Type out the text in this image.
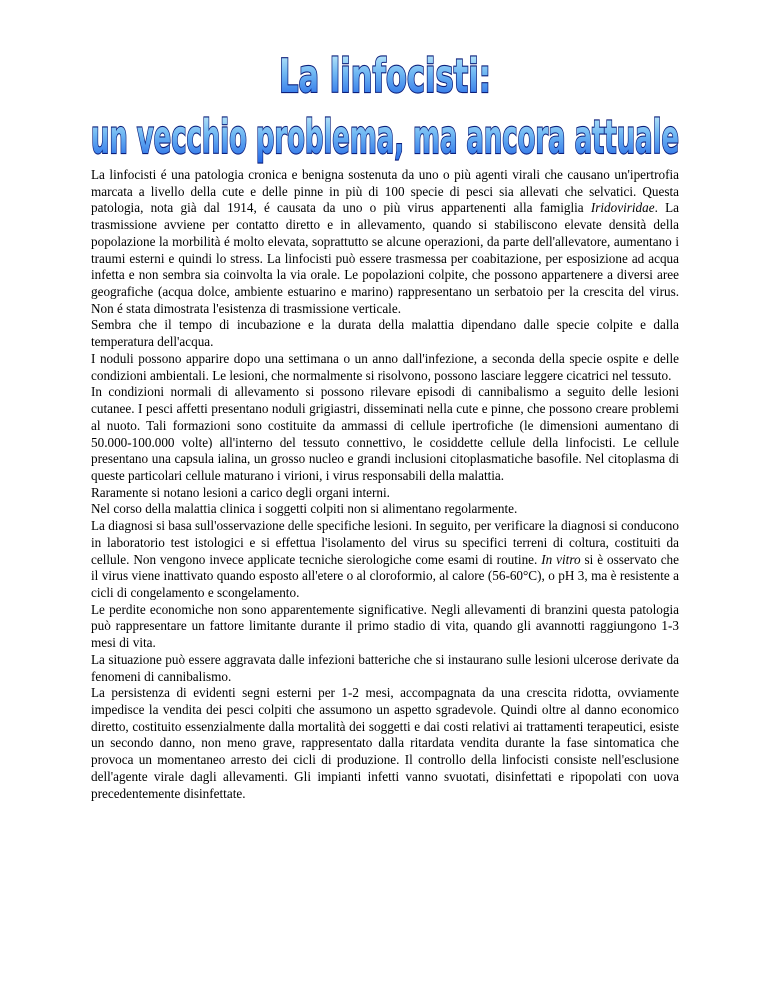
La linfocisti:
un vecchio problema, ma ancora attuale

La linfocisti é una patologia cronica e benigna sostenuta da uno o più agenti virali che causano un'ipertrofia marcata a livello della cute e delle pinne in più di 100 specie di pesci sia allevati che selvatici. Questa patologia, nota già dal 1914, é causata da uno o più virus appartenenti alla famiglia Iridoviridae. La trasmissione avviene per contatto diretto e in allevamento, quando si stabiliscono elevate densità della popolazione la morbilità é molto elevata, soprattutto se alcune operazioni, da parte dell'allevatore, aumentano i traumi esterni e quindi lo stress. La linfocisti può essere trasmessa per coabitazione, per esposizione ad acqua infetta e non sembra sia coinvolta la via orale. Le popolazioni colpite, che possono appartenere a diversi aree geografiche (acqua dolce, ambiente estuarino e marino) rappresentano un serbatoio per la crescita del virus. Non é stata dimostrata l'esistenza di trasmissione verticale.

Sembra che il tempo di incubazione e la durata della malattia dipendano dalle specie colpite e dalla temperatura dell'acqua.

I noduli possono apparire dopo una settimana o un anno dall'infezione, a seconda della specie ospite e delle condizioni ambientali. Le lesioni, che normalmente si risolvono, possono lasciare leggere cicatrici nel tessuto.

In condizioni normali di allevamento si possono rilevare episodi di cannibalismo a seguito delle lesioni cutanee. I pesci affetti presentano noduli grigiastri, disseminati nella cute e pinne, che possono creare problemi al nuoto. Tali formazioni sono costituite da ammassi di cellule ipertrofiche (le dimensioni aumentano di 50.000-100.000 volte) all'interno del tessuto connettivo, le cosiddette cellule della linfocisti. Le cellule presentano una capsula ialina, un grosso nucleo e grandi inclusioni citoplasmatiche basofile. Nel citoplasma di queste particolari cellule maturano i virioni, i virus responsabili della malattia.

Raramente si notano lesioni a carico degli organi interni.

Nel corso della malattia clinica i soggetti colpiti non si alimentano regolarmente.

La diagnosi si basa sull'osservazione delle specifiche lesioni. In seguito, per verificare la diagnosi si conducono in laboratorio test istologici e si effettua l'isolamento del virus su specifici terreni di coltura, costituiti da cellule. Non vengono invece applicate tecniche sierologiche come esami di routine. In vitro si è osservato che il virus viene inattivato quando esposto all'etere o al cloroformio, al calore (56-60°C), o pH 3, ma è resistente a cicli di congelamento e scongelamento.

Le perdite economiche non sono apparentemente significative. Negli allevamenti di branzini questa patologia può rappresentare un fattore limitante durante il primo stadio di vita, quando gli avannotti raggiungono 1-3 mesi di vita.

La situazione può essere aggravata dalle infezioni batteriche che si instaurano sulle lesioni ulcerose derivate da fenomeni di cannibalismo.

La persistenza di evidenti segni esterni per 1-2 mesi, accompagnata da una crescita ridotta, ovviamente impedisce la vendita dei pesci colpiti che assumono un aspetto sgradevole. Quindi oltre al danno economico diretto, costituito essenzialmente dalla mortalità dei soggetti e dai costi relativi ai trattamenti terapeutici, esiste un secondo danno, non meno grave, rappresentato dalla ritardata vendita durante la fase sintomatica che provoca un momentaneo arresto dei cicli di produzione. Il controllo della linfocisti consiste nell'esclusione dell'agente virale dagli allevamenti. Gli impianti infetti vanno svuotati, disinfettati e ripopolati con uova precedentemente disinfettate.
